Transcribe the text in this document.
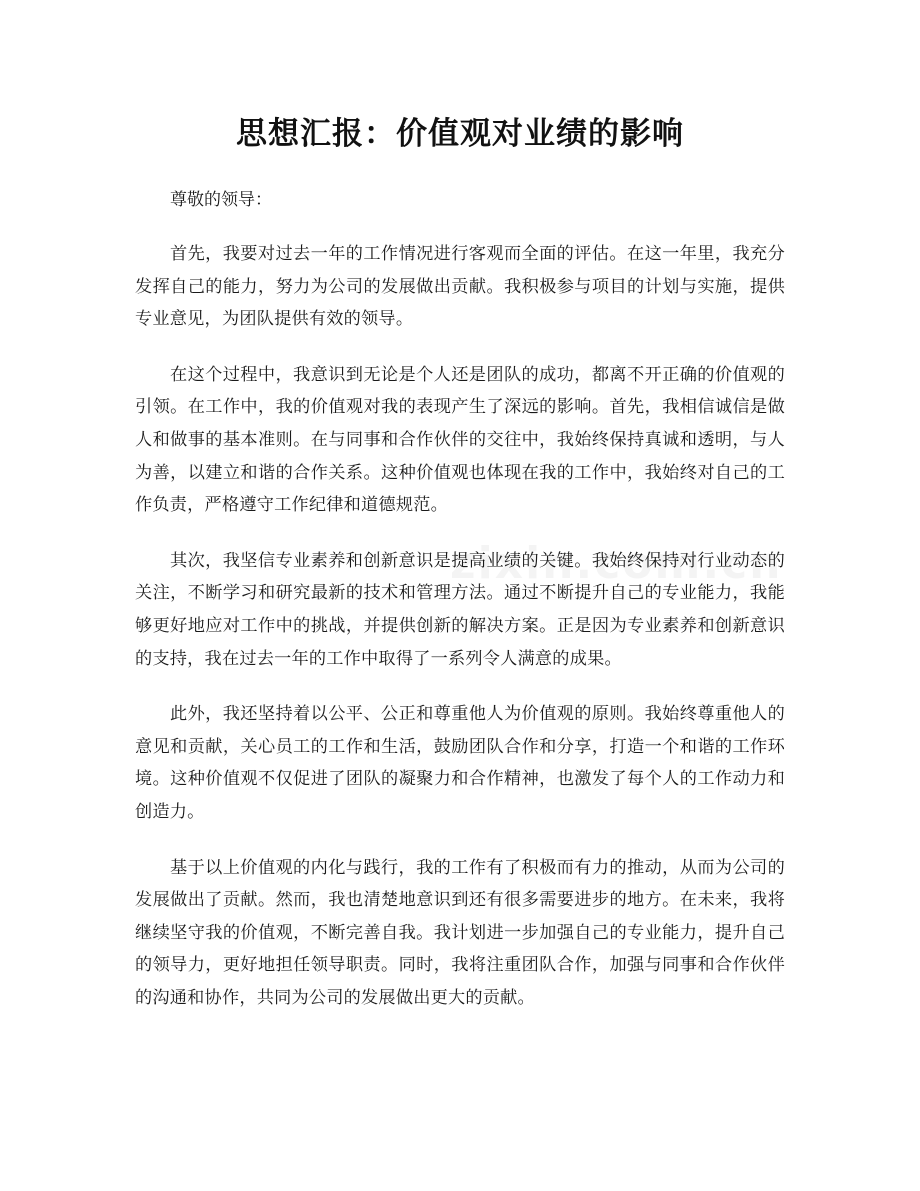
思想汇报：价值观对业绩的影响

尊敬的领导：

首先，我要对过去一年的工作情况进行客观而全面的评估。在这一年里，我充分发挥自己的能力，努力为公司的发展做出贡献。我积极参与项目的计划与实施，提供专业意见，为团队提供有效的领导。

在这个过程中，我意识到无论是个人还是团队的成功，都离不开正确的价值观的引领。在工作中，我的价值观对我的表现产生了深远的影响。首先，我相信诚信是做人和做事的基本准则。在与同事和合作伙伴的交往中，我始终保持真诚和透明，与人为善，以建立和谐的合作关系。这种价值观也体现在我的工作中，我始终对自己的工作负责，严格遵守工作纪律和道德规范。

其次，我坚信专业素养和创新意识是提高业绩的关键。我始终保持对行业动态的关注，不断学习和研究最新的技术和管理方法。通过不断提升自己的专业能力，我能够更好地应对工作中的挑战，并提供创新的解决方案。正是因为专业素养和创新意识的支持，我在过去一年的工作中取得了一系列令人满意的成果。

此外，我还坚持着以公平、公正和尊重他人为价值观的原则。我始终尊重他人的意见和贡献，关心员工的工作和生活，鼓励团队合作和分享，打造一个和谐的工作环境。这种价值观不仅促进了团队的凝聚力和合作精神，也激发了每个人的工作动力和创造力。

基于以上价值观的内化与践行，我的工作有了积极而有力的推动，从而为公司的发展做出了贡献。然而，我也清楚地意识到还有很多需要进步的地方。在未来，我将继续坚守我的价值观，不断完善自我。我计划进一步加强自己的专业能力，提升自己的领导力，更好地担任领导职责。同时，我将注重团队合作，加强与同事和合作伙伴的沟通和协作，共同为公司的发展做出更大的贡献。
